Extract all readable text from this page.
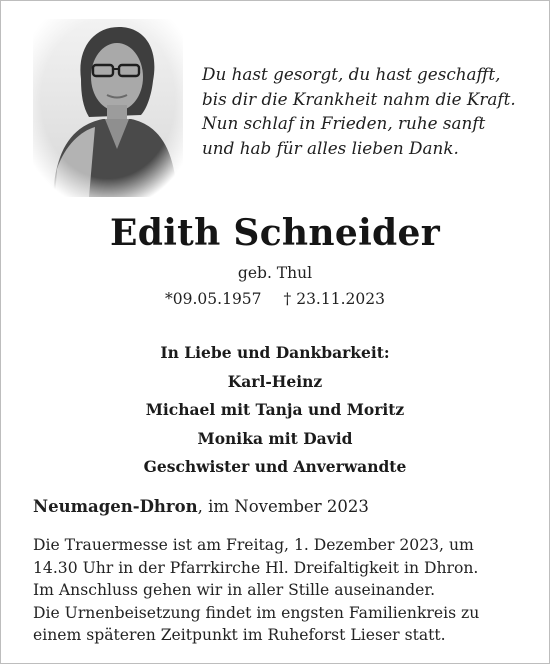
Du hast gesorgt, du hast geschafft,
bis dir die Krankheit nahm die Kraft.
Nun schlaf in Frieden, ruhe sanft
und hab für alles lieben Dank.
Edith Schneider
geb. Thul
*09.05.1957 † 23.11.2023
In Liebe und Dankbarkeit:
Karl-Heinz
Michael mit Tanja und Moritz
Monika mit David
Geschwister und Anverwandte
Neumagen-Dhron, im November 2023
Die Trauermesse ist am Freitag, 1. Dezember 2023, um
14.30 Uhr in der Pfarrkirche Hl. Dreifaltigkeit in Dhron.
Im Anschluss gehen wir in aller Stille auseinander.
Die Urnenbeisetzung findet im engsten Familienkreis zu
einem späteren Zeitpunkt im Ruheforst Lieser statt.
